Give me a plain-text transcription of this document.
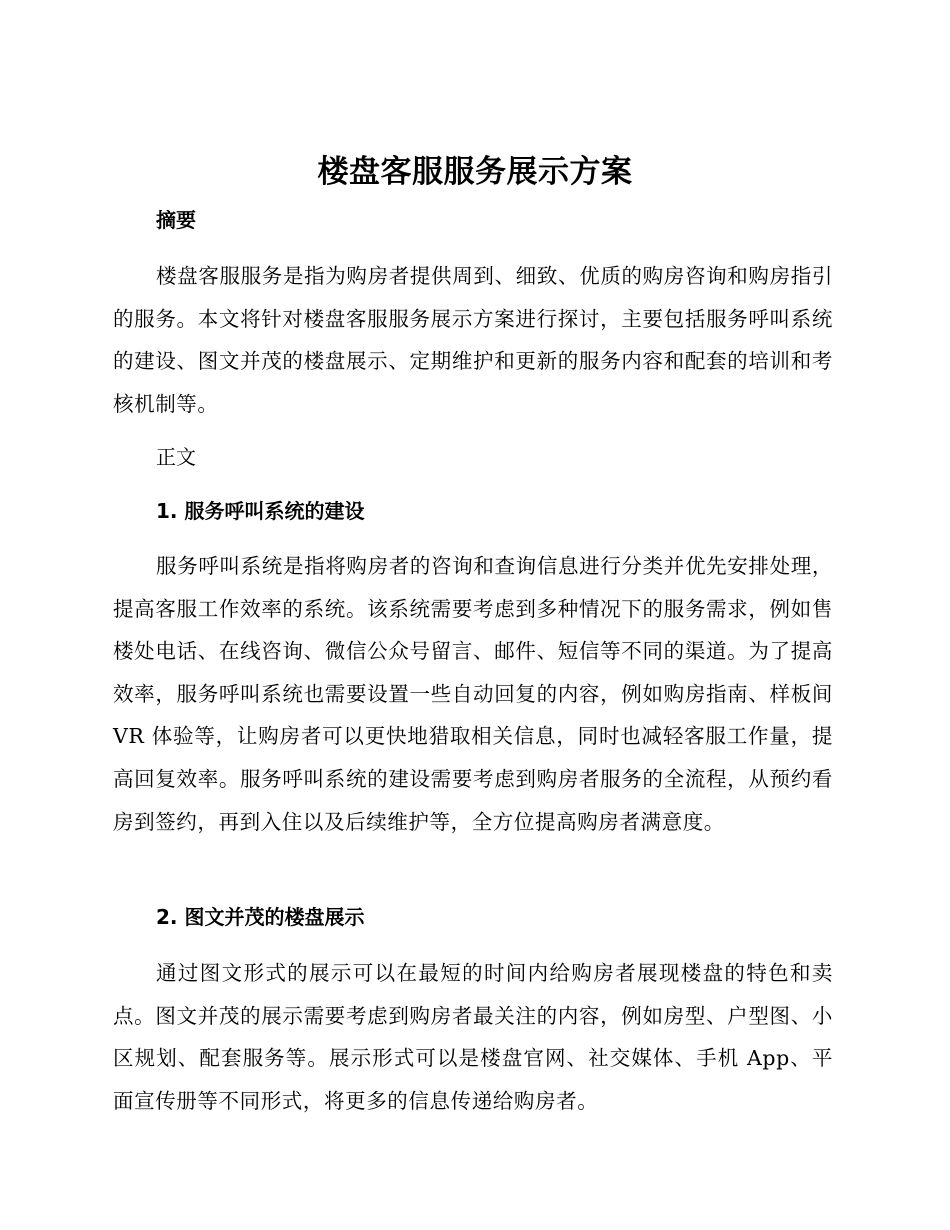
楼盘客服服务展示方案
摘要
楼盘客服服务是指为购房者提供周到、细致、优质的购房咨询和购房指引的服务。本文将针对楼盘客服服务展示方案进行探讨，主要包括服务呼叫系统的建设、图文并茂的楼盘展示、定期维护和更新的服务内容和配套的培训和考核机制等。
正文
1. 服务呼叫系统的建设
服务呼叫系统是指将购房者的咨询和查询信息进行分类并优先安排处理，提高客服工作效率的系统。该系统需要考虑到多种情况下的服务需求，例如售楼处电话、在线咨询、微信公众号留言、邮件、短信等不同的渠道。为了提高效率，服务呼叫系统也需要设置一些自动回复的内容，例如购房指南、样板间 VR 体验等，让购房者可以更快地猎取相关信息，同时也减轻客服工作量，提高回复效率。服务呼叫系统的建设需要考虑到购房者服务的全流程，从预约看房到签约，再到入住以及后续维护等，全方位提高购房者满意度。
2. 图文并茂的楼盘展示
通过图文形式的展示可以在最短的时间内给购房者展现楼盘的特色和卖点。图文并茂的展示需要考虑到购房者最关注的内容，例如房型、户型图、小区规划、配套服务等。展示形式可以是楼盘官网、社交媒体、手机 App、平面宣传册等不同形式，将更多的信息传递给购房者。
